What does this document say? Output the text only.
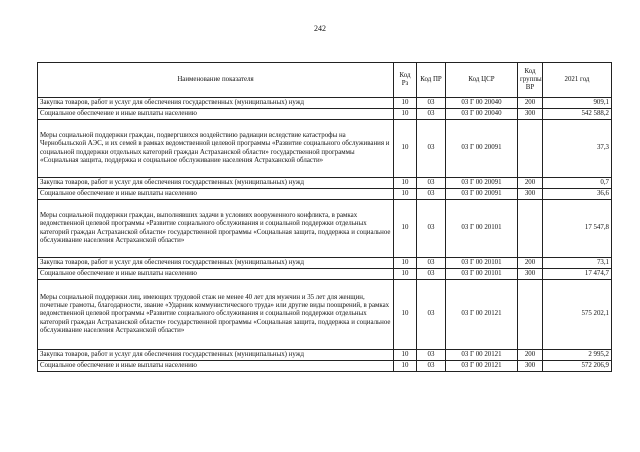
242
Наименование показателя	Код Рз	Код ПР	Код ЦСР	Код группы ВР	2021 год
Закупка товаров, работ и услуг для обеспечения государственных (муниципальных) нужд	10	03	03 Г 00 20040	200	909,1
Социальное обеспечение и иные выплаты населению	10	03	03 Г 00 20040	300	542 588,2
Меры социальной поддержки граждан, подвергшихся воздействию радиации вследствие катастрофы на Чернобыльской АЭС, и их семей в рамках ведомственной целевой программы «Развитие социального обслуживания и социальной поддержки отдельных категорий граждан Астраханской области» государственной программы «Социальная защита, поддержка и социальное обслуживание населения Астраханской области»	10	03	03 Г 00 20091		37,3
Закупка товаров, работ и услуг для обеспечения государственных (муниципальных) нужд	10	03	03 Г 00 20091	200	0,7
Социальное обеспечение и иные выплаты населению	10	03	03 Г 00 20091	300	36,6
Меры социальной поддержки граждан, выполнявших задачи в условиях вооруженного конфликта, в рамках ведомственной целевой программы «Развитие социального обслуживания и социальной поддержки отдельных категорий граждан Астраханской области» государственной программы «Социальная защита, поддержка и социальное обслуживание населения Астраханской области»	10	03	03 Г 00 20101		17 547,8
Закупка товаров, работ и услуг для обеспечения государственных (муниципальных) нужд	10	03	03 Г 00 20101	200	73,1
Социальное обеспечение и иные выплаты населению	10	03	03 Г 00 20101	300	17 474,7
Меры социальной поддержки лиц, имеющих трудовой стаж не менее 40 лет для мужчин и 35 лет для женщин, почетные грамоты, благодарности, звание «Ударник коммунистического труда» или другие виды поощрений, в рамках ведомственной целевой программы «Развитие социального обслуживания и социальной поддержки отдельных категорий граждан Астраханской области» государственной программы «Социальная защита, поддержка и социальное обслуживание населения Астраханской области»	10	03	03 Г 00 20121		575 202,1
Закупка товаров, работ и услуг для обеспечения государственных (муниципальных) нужд	10	03	03 Г 00 20121	200	2 995,2
Социальное обеспечение и иные выплаты населению	10	03	03 Г 00 20121	300	572 206,9
